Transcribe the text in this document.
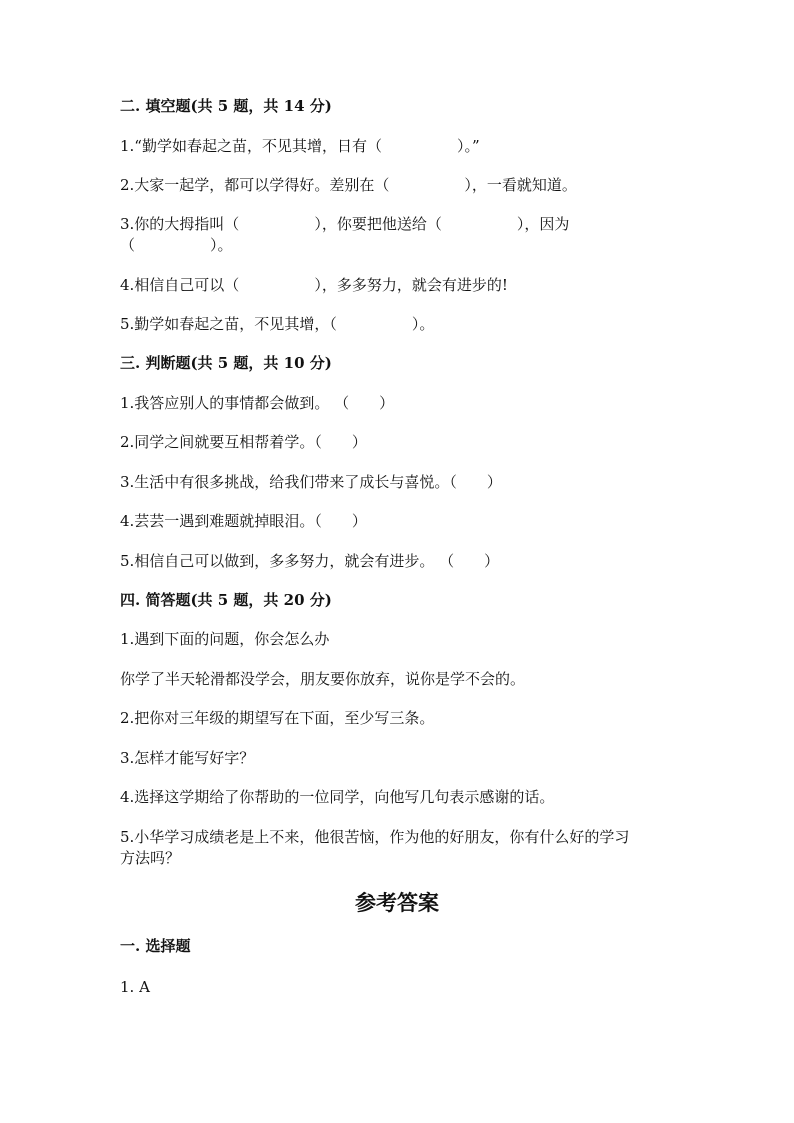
二. 填空题(共 5 题，共 14 分)
1.“勤学如春起之苗，不见其增，日有（　　　　　）。”
2.大家一起学，都可以学得好。差别在（　　　　　），一看就知道。
3.你的大拇指叫（　　　　　），你要把他送给（　　　　　），因为
（　　　　　）。
4.相信自己可以（　　　　　），多多努力，就会有进步的!
5.勤学如春起之苗，不见其增，（　　　　　）。
三. 判断题(共 5 题，共 10 分)
1.我答应别人的事情都会做到。 （　　）
2.同学之间就要互相帮着学。（　　）
3.生活中有很多挑战，给我们带来了成长与喜悦。（　　）
4.芸芸一遇到难题就掉眼泪。（　　）
5.相信自己可以做到，多多努力，就会有进步。 （　　）
四. 简答题(共 5 题，共 20 分)
1.遇到下面的问题，你会怎么办
你学了半天轮滑都没学会，朋友要你放弃，说你是学不会的。
2.把你对三年级的期望写在下面，至少写三条。
3.怎样才能写好字？
4.选择这学期给了你帮助的一位同学，向他写几句表示感谢的话。
5.小华学习成绩老是上不来，他很苦恼，作为他的好朋友，你有什么好的学习
方法吗？
参考答案
一. 选择题
1. A
